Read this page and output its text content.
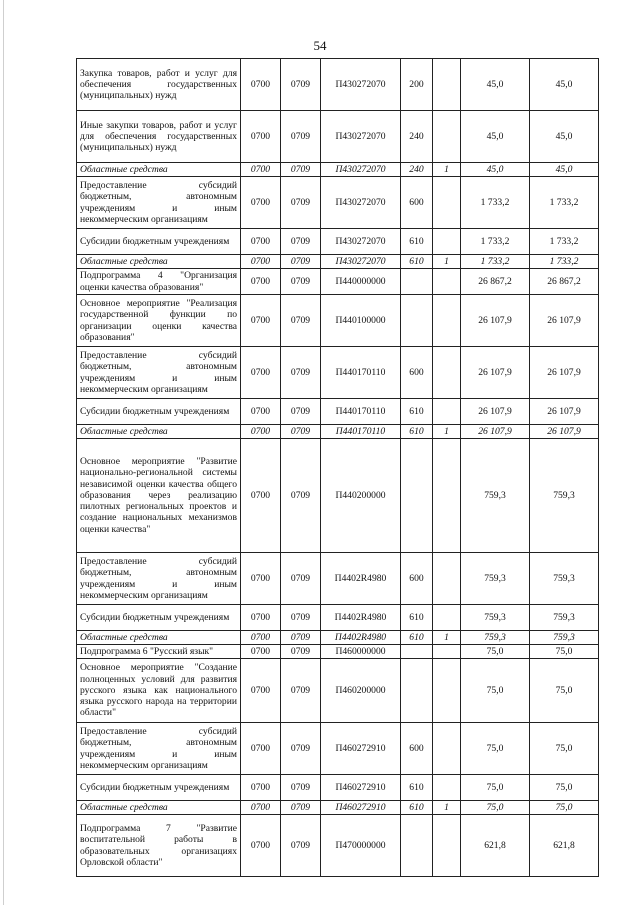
54
Закупка товаров, работ и услуг для обеспечения государственных (муниципальных) нужд	0700	0709	П430272070	200		45,0	45,0
Иные закупки товаров, работ и услуг для обеспечения государственных (муниципальных) нужд	0700	0709	П430272070	240		45,0	45,0
Областные средства	0700	0709	П430272070	240	1	45,0	45,0
Предоставление субсидий бюджетным, автономным учреждениям и иным некоммерческим организациям	0700	0709	П430272070	600		1 733,2	1 733,2
Субсидии бюджетным учреждениям	0700	0709	П430272070	610		1 733,2	1 733,2
Областные средства	0700	0709	П430272070	610	1	1 733,2	1 733,2
Подпрограмма 4 "Организация оценки качества образования"	0700	0709	П440000000			26 867,2	26 867,2
Основное мероприятие "Реализация государственной функции по организации оценки качества образования"	0700	0709	П440100000			26 107,9	26 107,9
Предоставление субсидий бюджетным, автономным учреждениям и иным некоммерческим организациям	0700	0709	П440170110	600		26 107,9	26 107,9
Субсидии бюджетным учреждениям	0700	0709	П440170110	610		26 107,9	26 107,9
Областные средства	0700	0709	П440170110	610	1	26 107,9	26 107,9
Основное мероприятие "Развитие национально-региональной системы независимой оценки качества общего образования через реализацию пилотных региональных проектов и создание национальных механизмов оценки качества"	0700	0709	П440200000			759,3	759,3
Предоставление субсидий бюджетным, автономным учреждениям и иным некоммерческим организациям	0700	0709	П4402R4980	600		759,3	759,3
Субсидии бюджетным учреждениям	0700	0709	П4402R4980	610		759,3	759,3
Областные средства	0700	0709	П4402R4980	610	1	759,3	759,3
Подпрограмма 6 "Русский язык"	0700	0709	П460000000			75,0	75,0
Основное мероприятие "Создание полноценных условий для развития русского языка как национального языка русского народа на территории области"	0700	0709	П460200000			75,0	75,0
Предоставление субсидий бюджетным, автономным учреждениям и иным некоммерческим организациям	0700	0709	П460272910	600		75,0	75,0
Субсидии бюджетным учреждениям	0700	0709	П460272910	610		75,0	75,0
Областные средства	0700	0709	П460272910	610	1	75,0	75,0
Подпрограмма 7 "Развитие воспитательной работы в образовательных организациях Орловской области"	0700	0709	П470000000			621,8	621,8
